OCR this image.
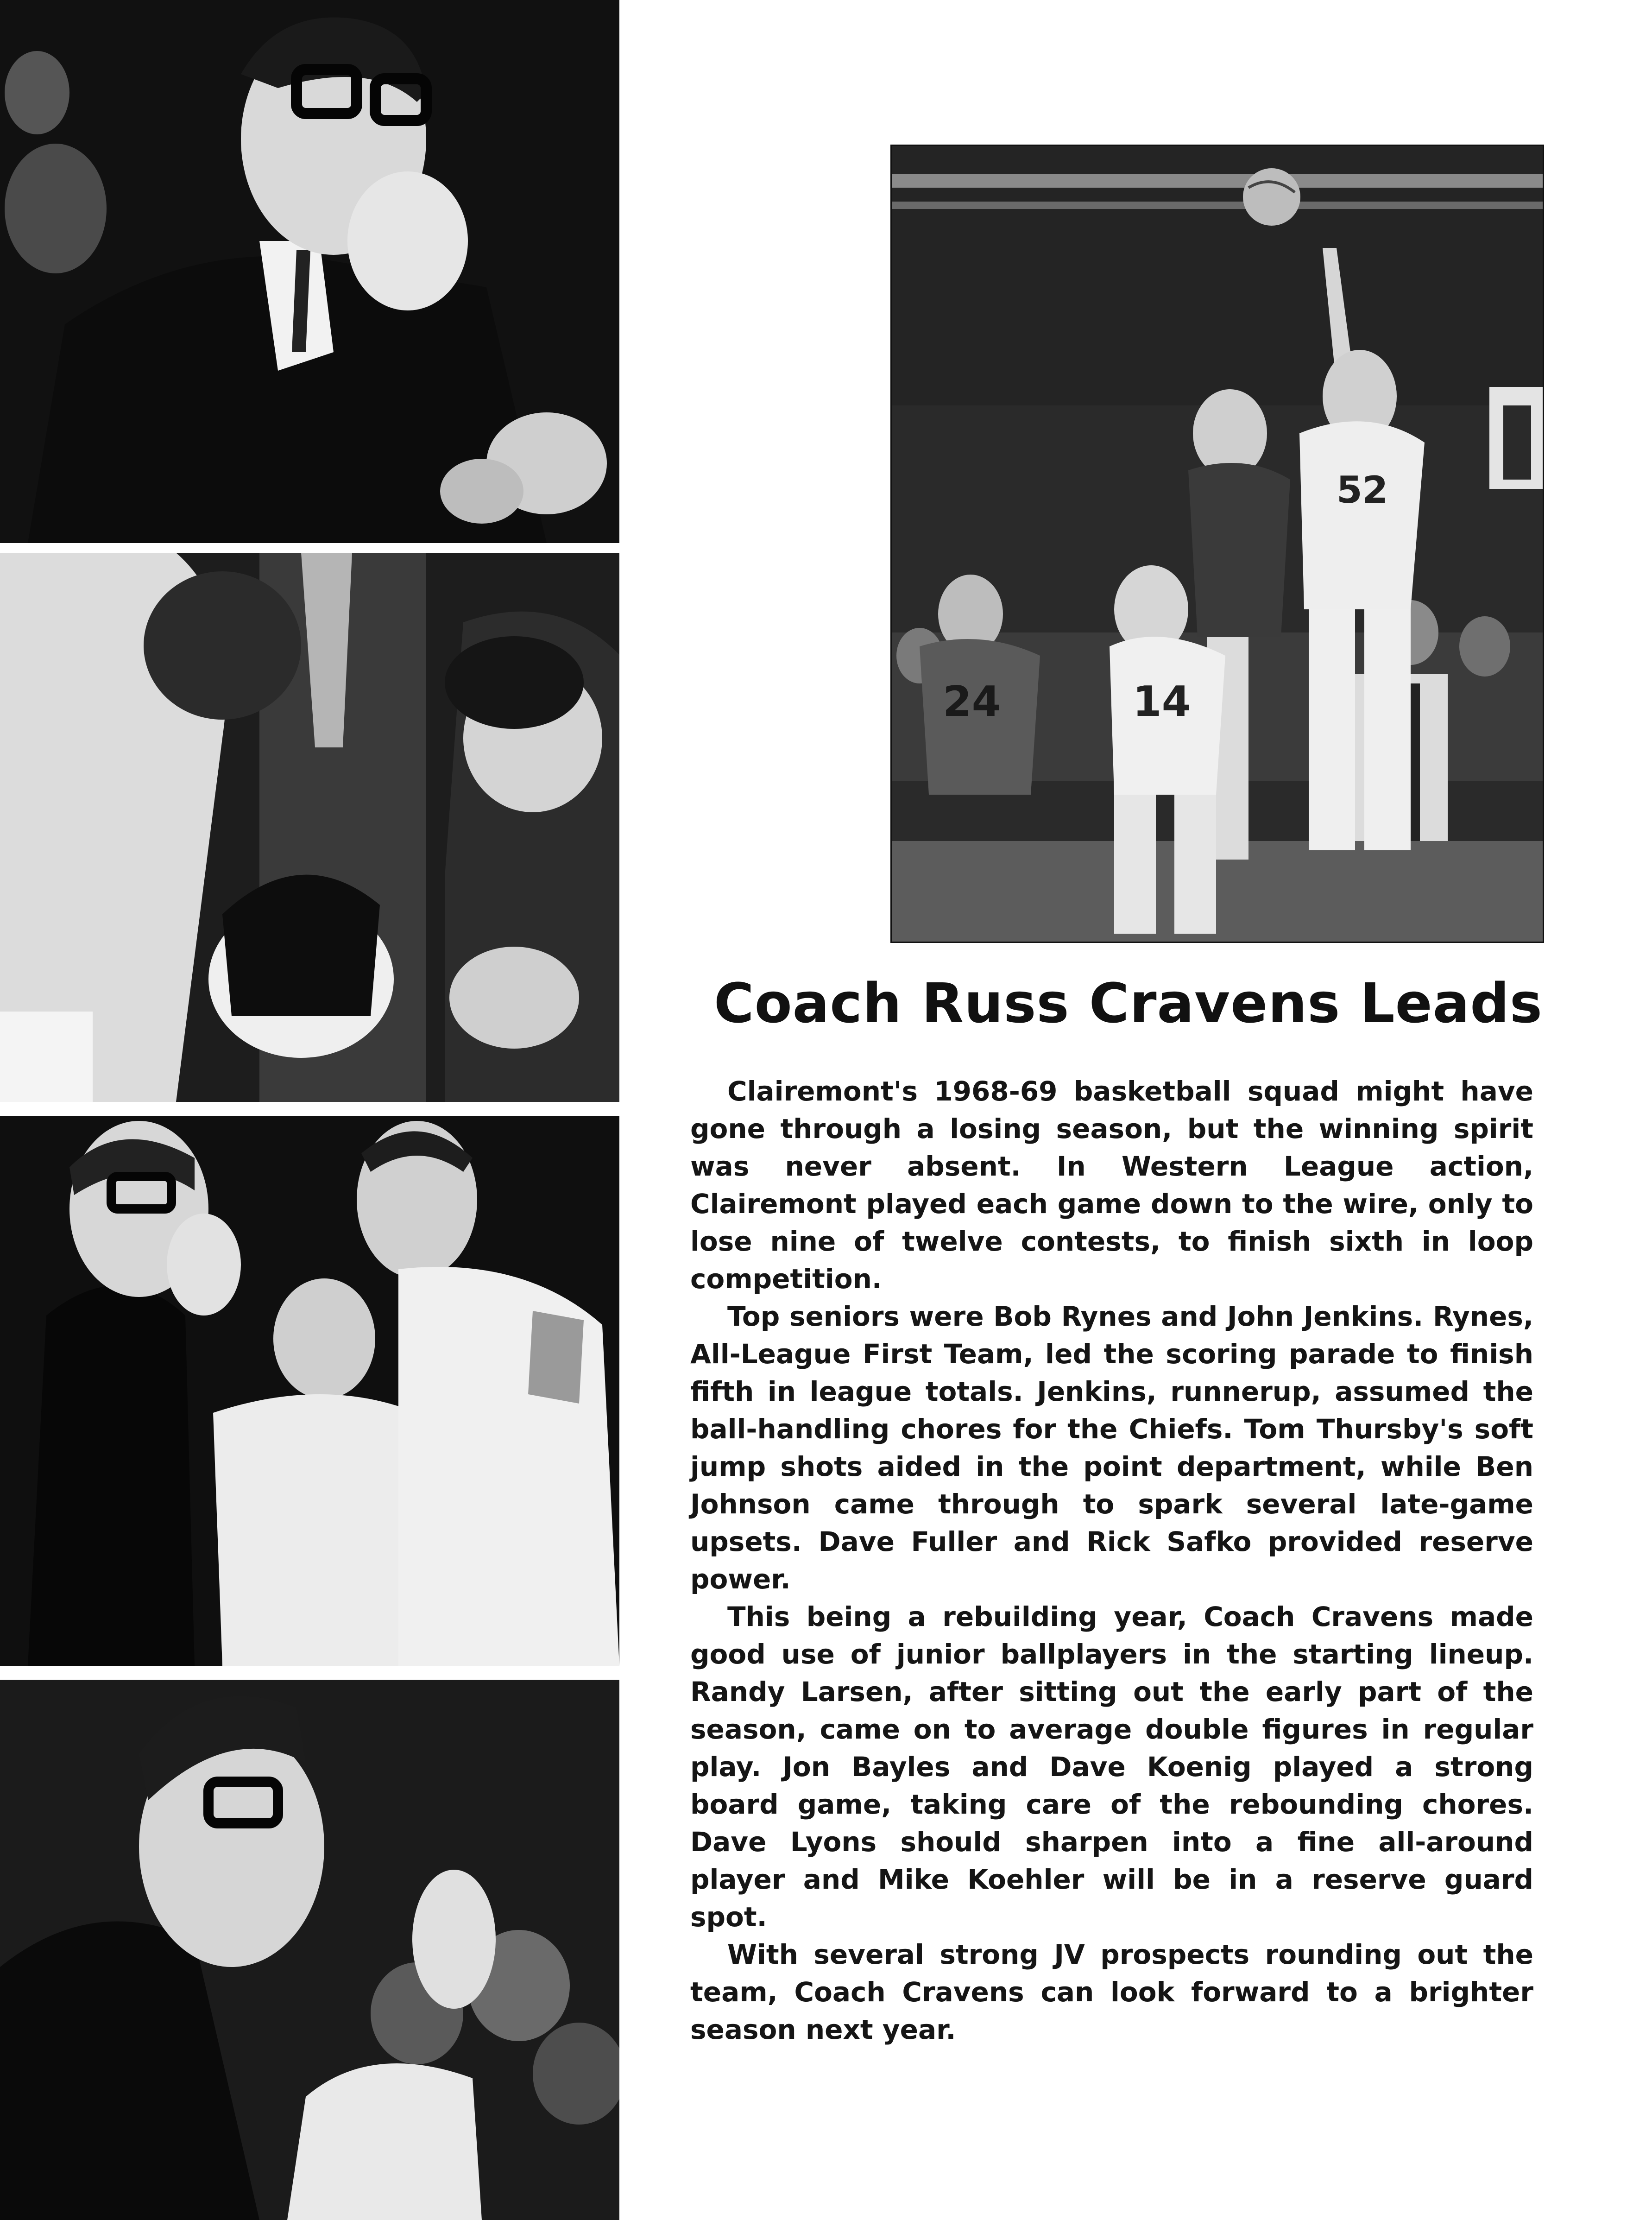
52
14
24
Coach Russ Cravens Leads

Clairemont's 1968-69 basketball squad might have gone through a losing season, but the winning spirit was never absent. In Western League action, Clairemont played each game down to the wire, only to lose nine of twelve contests, to finish sixth in loop competition.

Top seniors were Bob Rynes and John Jenkins. Rynes, All-League First Team, led the scoring parade to finish fifth in league totals. Jenkins, runnerup, assumed the ball-handling chores for the Chiefs. Tom Thursby's soft jump shots aided in the point department, while Ben Johnson came through to spark several late-game upsets. Dave Fuller and Rick Safko provided reserve power.

This being a rebuilding year, Coach Cravens made good use of junior ballplayers in the starting lineup. Randy Larsen, after sitting out the early part of the season, came on to average double figures in regular play. Jon Bayles and Dave Koenig played a strong board game, taking care of the rebounding chores. Dave Lyons should sharpen into a fine all-around player and Mike Koehler will be in a reserve guard spot.

With several strong JV prospects rounding out the team, Coach Cravens can look forward to a brighter season next year.
